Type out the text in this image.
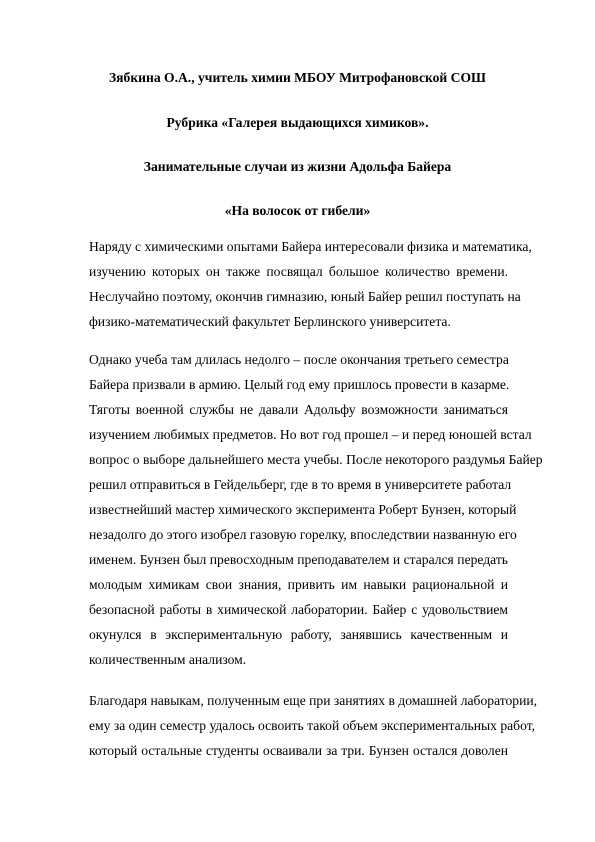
Зябкина О.А., учитель химии МБОУ Митрофановской СОШ
Рубрика «Галерея выдающихся химиков».
Занимательные случаи из жизни Адольфа Байера
«На волосок от гибели»
Наряду с химическими опытами Байера интересовали физика и математика,
изучению которых он также посвящал большое количество времени.
Неслучайно поэтому, окончив гимназию, юный Байер решил поступать на
физико-математический факультет Берлинского университета.
Однако учеба там длилась недолго – после окончания третьего семестра
Байера призвали в армию. Целый год ему пришлось провести в казарме.
Тяготы военной службы не давали Адольфу возможности заниматься
изучением любимых предметов. Но вот год прошел – и перед юношей встал
вопрос о выборе дальнейшего места учебы. После некоторого раздумья Байер
решил отправиться в Гейдельберг, где в то время в университете работал
известнейший мастер химического эксперимента Роберт Бунзен, который
незадолго до этого изобрел газовую горелку, впоследствии названную его
именем. Бунзен был превосходным преподавателем и старался передать
молодым химикам свои знания, привить им навыки рациональной и
безопасной работы в химической лаборатории. Байер с удовольствием
окунулся в экспериментальную работу, занявшись качественным и
количественным анализом.
Благодаря навыкам, полученным еще при занятиях в домашней лаборатории,
ему за один семестр удалось освоить такой объем экспериментальных работ,
который остальные студенты осваивали за три. Бунзен остался доволен
